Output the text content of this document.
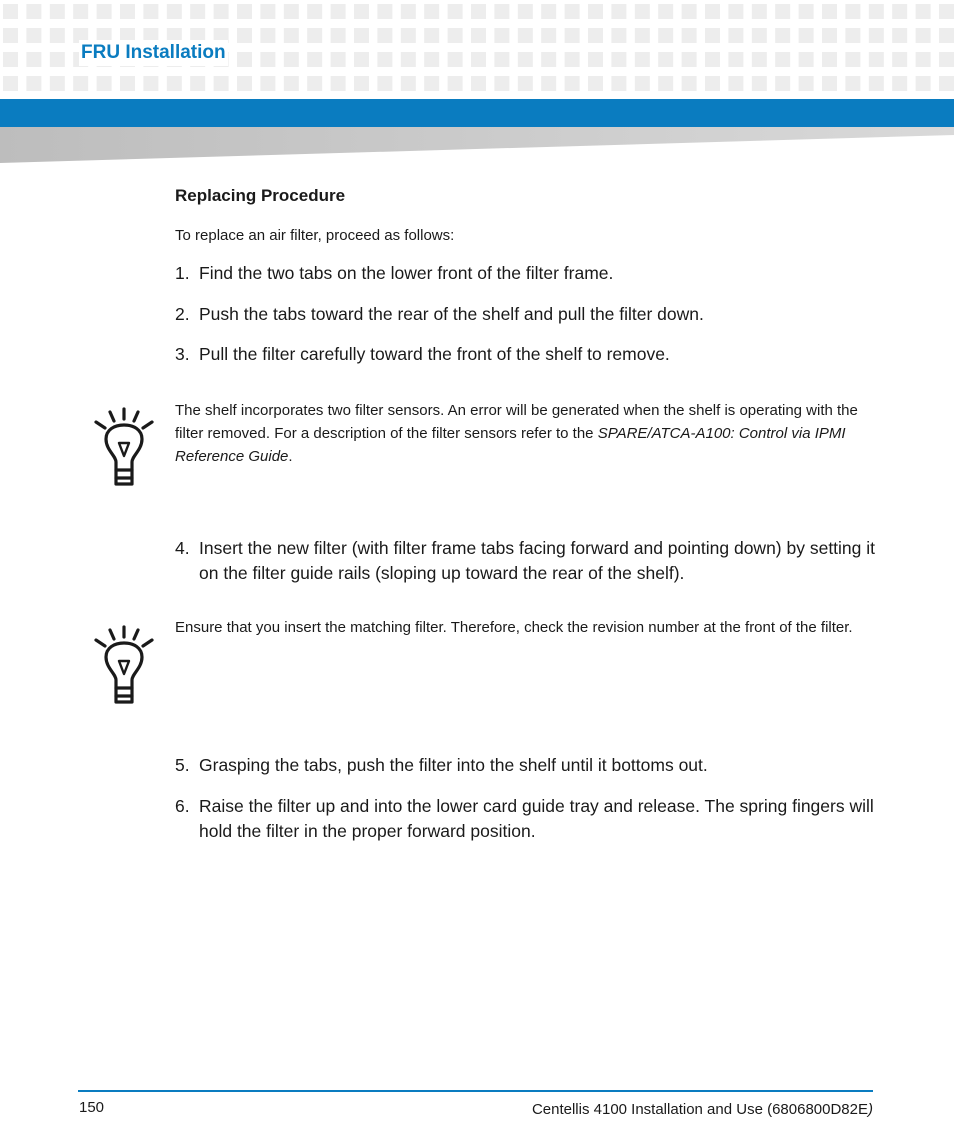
FRU Installation
Replacing Procedure
To replace an air filter, proceed as follows:
1. Find the two tabs on the lower front of the filter frame.
2. Push the tabs toward the rear of the shelf and pull the filter down.
3. Pull the filter carefully toward the front of the shelf to remove.
The shelf incorporates two filter sensors. An error will be generated when the shelf is operating with the filter removed. For a description of the filter sensors refer to the SPARE/ATCA-A100: Control via IPMI Reference Guide.
4. Insert the new filter (with filter frame tabs facing forward and pointing down) by setting it on the filter guide rails (sloping up toward the rear of the shelf).
Ensure that you insert the matching filter. Therefore, check the revision number at the front of the filter.
5. Grasping the tabs, push the filter into the shelf until it bottoms out.
6. Raise the filter up and into the lower card guide tray and release. The spring fingers will hold the filter in the proper forward position.
150	Centellis 4100 Installation and Use (6806800D82E)
